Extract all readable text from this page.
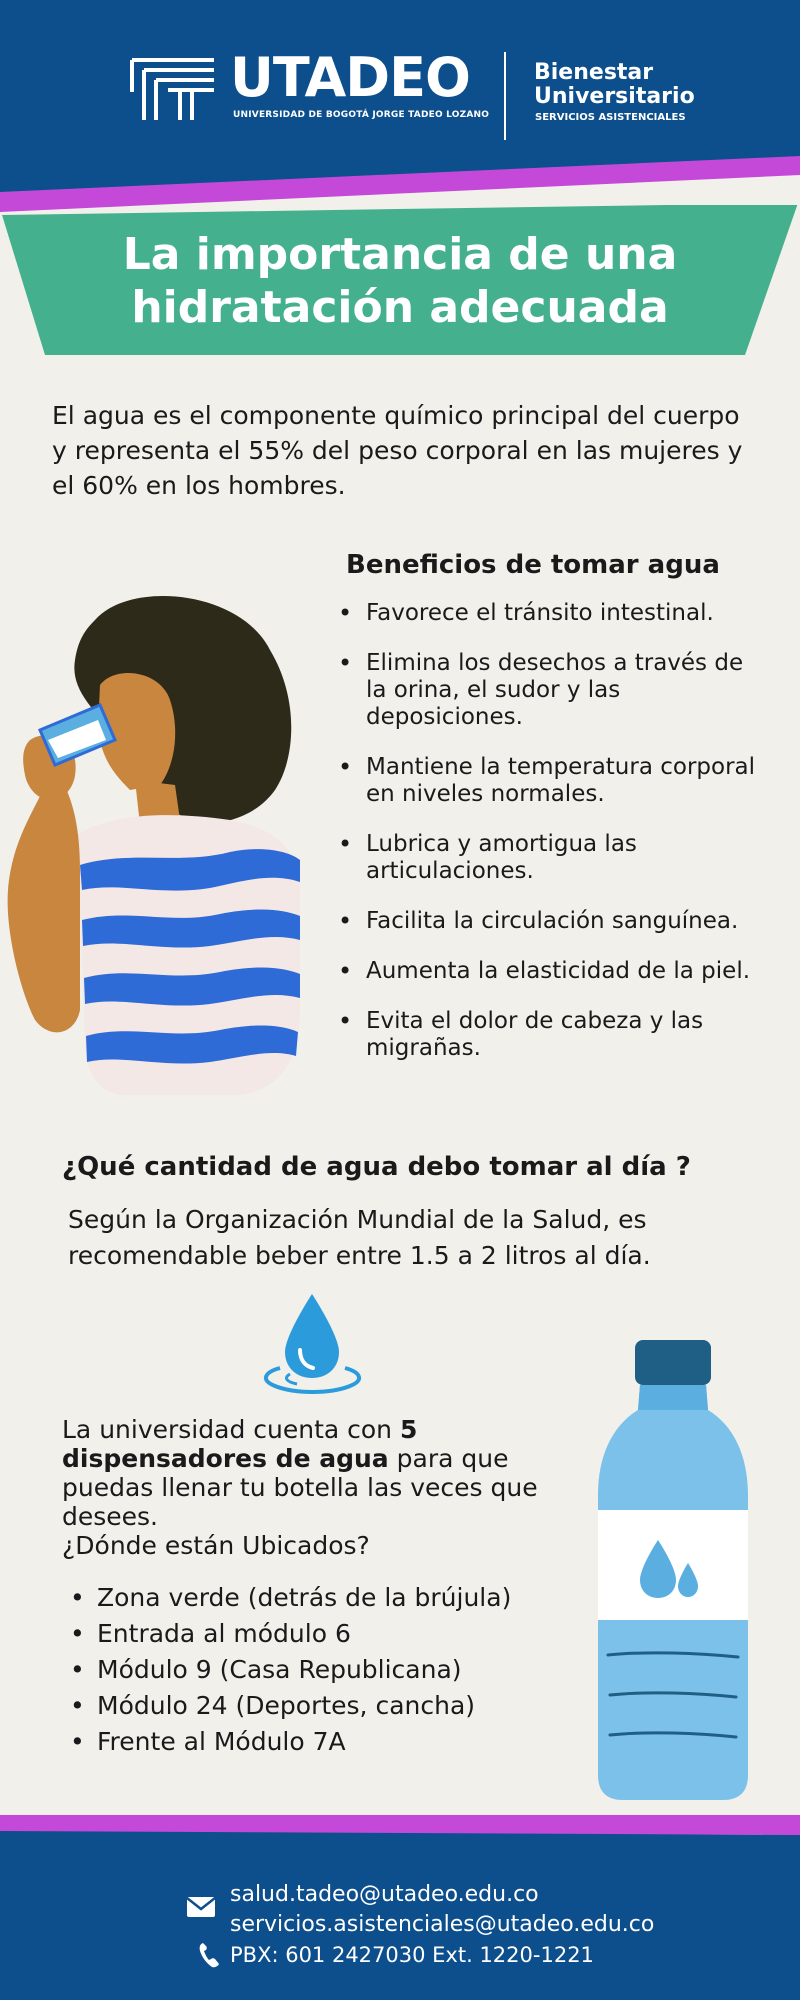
UTADEO
UNIVERSIDAD DE BOGOTÁ JORGE TADEO LOZANO
Bienestar
Universitario
SERVICIOS ASISTENCIALES
La importancia de una
hidratación adecuada
El agua es el componente químico principal del cuerpo y representa el 55% del peso corporal en las mujeres y el 60% en los hombres.
Beneficios de tomar agua
• Favorece el tránsito intestinal.
• Elimina los desechos a través de la orina, el sudor y las deposiciones.
• Mantiene la temperatura corporal en niveles normales.
• Lubrica y amortigua las articulaciones.
• Facilita la circulación sanguínea.
• Aumenta la elasticidad de la piel.
• Evita el dolor de cabeza y las migrañas.
¿Qué cantidad de agua debo tomar al día ?
Según la Organización Mundial de la Salud, es recomendable beber entre 1.5 a 2 litros al día.
La universidad cuenta con 5 dispensadores de agua para que puedas llenar tu botella las veces que desees.
¿Dónde están Ubicados?
• Zona verde (detrás de la brújula)
• Entrada al módulo 6
• Módulo 9 (Casa Republicana)
• Módulo 24 (Deportes, cancha)
• Frente al Módulo 7A
salud.tadeo@utadeo.edu.co
servicios.asistenciales@utadeo.edu.co
PBX: 601 2427030 Ext. 1220-1221
